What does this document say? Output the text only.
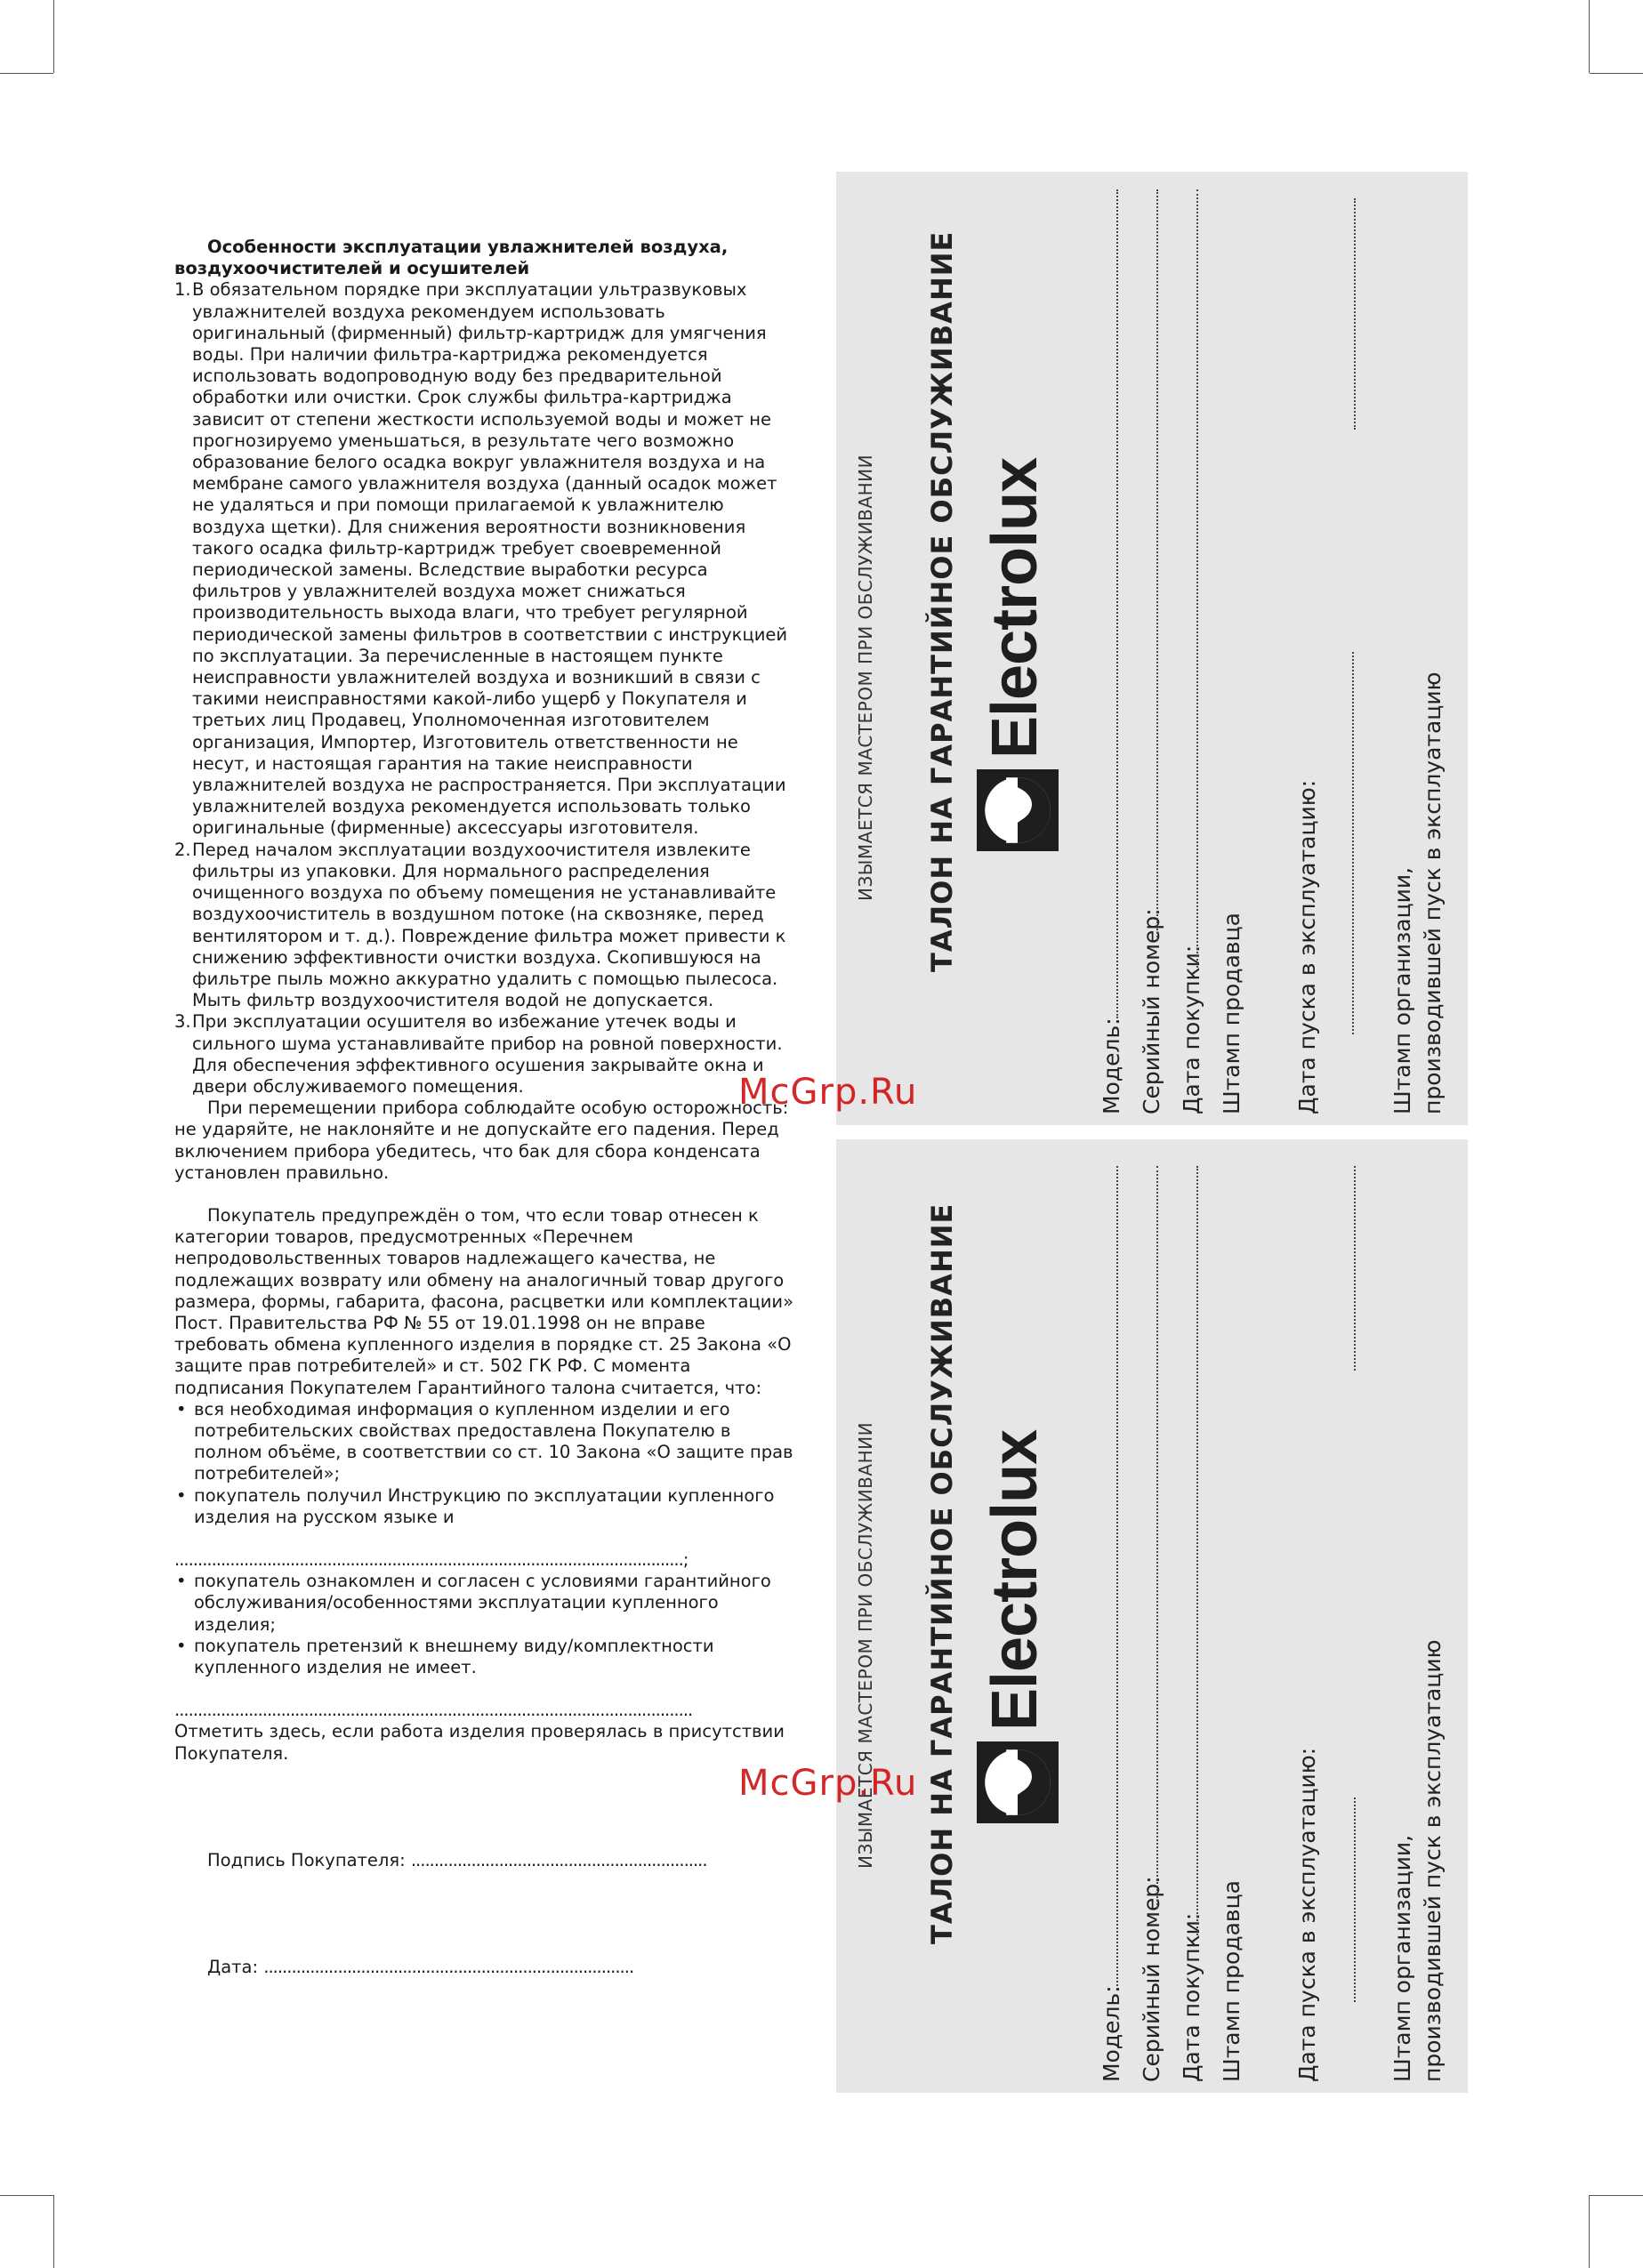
Особенности эксплуатации увлажнителей воздуха, воздухоочистителей и осушителей

1. В обязательном порядке при эксплуатации ультразвуковых увлажнителей воздуха рекомендуем использовать оригинальный (фирменный) фильтр-картридж для умягчения воды. При наличии фильтра-картриджа рекомендуется использовать водопроводную воду без предварительной обработки или очистки. Срок службы фильтра-картриджа зависит от степени жесткости используемой воды и может не прогнозируемо уменьшаться, в результате чего возможно образование белого осадка вокруг увлажнителя воздуха и на мембране самого увлажнителя воздуха (данный осадок может не удаляться и при помощи прилагаемой к увлажнителю воздуха щетки). Для снижения вероятности возникновения такого осадка фильтр-картридж требует своевременной периодической замены. Вследствие выработки ресурса фильтров у увлажнителей воздуха может снижаться производительность выхода влаги, что требует регулярной периодической замены фильтров в соответствии с инструкцией по эксплуатации. За перечисленные в настоящем пункте неисправности увлажнителей воздуха и возникший в связи с такими неисправностями какой-либо ущерб у Покупателя и третьих лиц Продавец, Уполномоченная изготовителем организация, Импортер, Изготовитель ответственности не несут, и настоящая гарантия на такие неисправности увлажнителей воздуха не распространяется. При эксплуатации увлажнителей воздуха рекомендуется использовать только оригинальные (фирменные) аксессуары изготовителя.
2. Перед началом эксплуатации воздухоочистителя извлеките фильтры из упаковки. Для нормального распределения очищенного воздуха по объему помещения не устанавливайте воздухоочиститель в воздушном потоке (на сквозняке, перед вентилятором и т. д.). Повреждение фильтра может привести к снижению эффективности очистки воздуха. Скопившуюся на фильтре пыль можно аккуратно удалить с помощью пылесоса. Мыть фильтр воздухоочистителя водой не допускается.
3. При эксплуатации осушителя во избежание утечек воды и сильного шума устанавливайте прибор на ровной поверхности. Для обеспечения эффективного осушения закрывайте окна и двери обслуживаемого помещения.

При перемещении прибора соблюдайте особую осторожность: не ударяйте, не наклоняйте и не допускайте его падения. Перед включением прибора убедитесь, что бак для сбора конденсата установлен правильно.

Покупатель предупреждён о том, что если товар отнесен к категории товаров, предусмотренных «Перечнем непродовольственных товаров надлежащего качества, не подлежащих возврату или обмену на аналогичный товар другого размера, формы, габарита, фасона, расцветки или комплектации» Пост. Правительства РФ № 55 от 19.01.1998 он не вправе требовать обмена купленного изделия в порядке ст. 25 Закона «О защите прав потребителей» и ст. 502 ГК РФ. С момента подписания Покупателем Гарантийного талона считается, что:

• вся необходимая информация о купленном изделии и его потребительских свойствах предоставлена Покупателю в полном объёме, в соответствии со ст. 10 Закона «О защите прав потребителей»;
• покупатель получил Инструкцию по эксплуатации купленного изделия на русском языке и
..............................................................................................................;
• покупатель ознакомлен и согласен с условиями гарантийного обслуживания/особенностями эксплуатации купленного изделия;
• покупатель претензий к внешнему виду/комплектности купленного изделия не имеет.
................................................................................................................

Отметить здесь, если работа изделия проверялась в присутствии Покупателя.

Подпись Покупателя: ................................................................

Дата: ................................................................................

ИЗЫМАЕТСЯ МАСТЕРОМ ПРИ ОБСЛУЖИВАНИИ ТАЛОН НА ГАРАНТИЙНОЕ ОБСЛУЖИВАНИЕ Electrolux
Модель: Серийный номер: Дата покупки: Штамп продавца Дата пуска в эксплуатацию:	Штамп организации, производившей пуск в эксплуатацию
ИЗЫМАЕТСЯ МАСТЕРОМ ПРИ ОБСЛУЖИВАНИИ ТАЛОН НА ГАРАНТИЙНОЕ ОБСЛУЖИВАНИЕ Electrolux
Модель: Серийный номер: Дата покупки: Штамп продавца Дата пуска в эксплуатацию:	Штамп организации, производившей пуск в эксплуатацию
McGrp.Ru
McGrp.Ru
